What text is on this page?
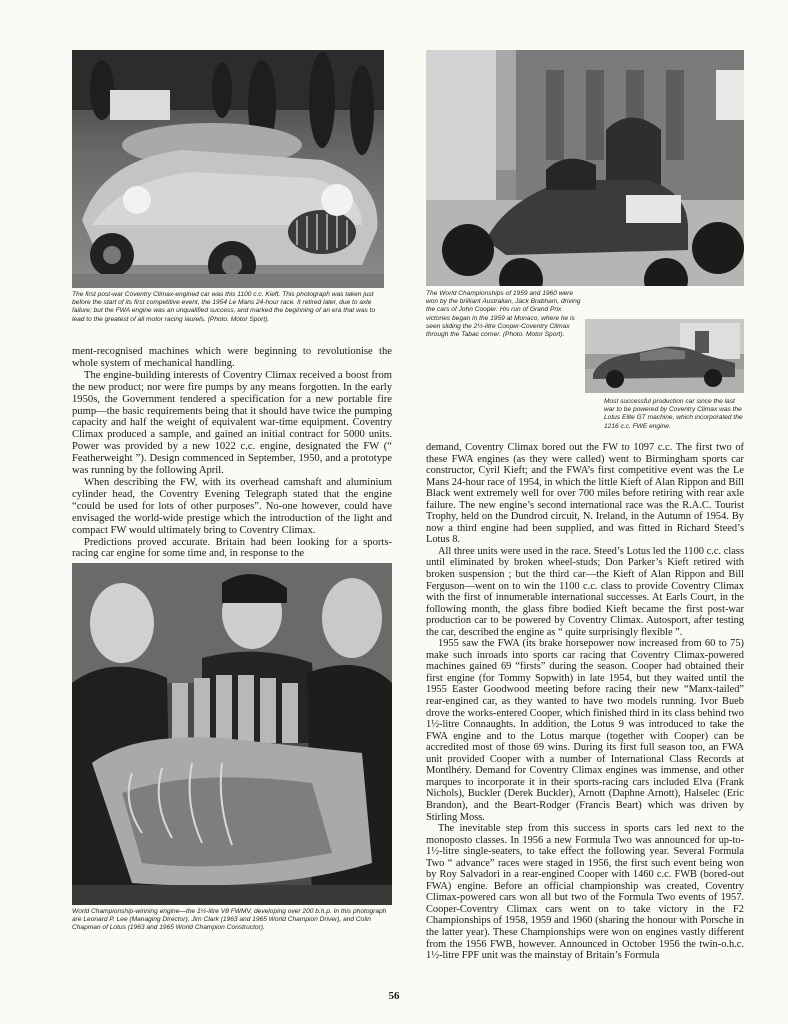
The first post-war Coventry Climax-engined car was this 1100 c.c. Kieft. This photograph was taken just before the start of its first competitive event, the 1954 Le Mans 24-hour race. It retired later, due to axle failure; but the FWA engine was an unqualified success, and marked the beginning of an era that was to lead to the greatest of all motor racing laurels. (Photo. Motor Sport).
The World Championships of 1959 and 1960 were won by the brilliant Australian, Jack Brabham, driving the cars of John Cooper. His run of Grand Prix victories began in the 1959 at Monaco, where he is seen sliding the 2½-litre Cooper-Coventry Climax through the Tabac corner. (Photo. Motor Sport).
Most successful production car since the last war to be powered by Coventry Climax was the Lotus Elite GT machine, which incorporated the 1216 c.c. FWE engine.
World Championship-winning engine—the 1½-litre V8 FWMV, developing over 200 b.h.p. In this photograph are Leonard P. Lee (Managing Director), Jim Clark (1963 and 1965 World Champion Driver), and Colin Chapman of Lotus (1963 and 1965 World Champion Constructor).

ment-recognised machines which were beginning to revolutionise the whole system of mechanical handling.

The engine-building interests of Coventry Climax received a boost from the new product; nor were fire pumps by any means forgotten. In the early 1950s, the Government tendered a specification for a new portable fire pump—the basic requirements being that it should have twice the pumping capacity and half the weight of equivalent war-time equipment. Coventry Climax produced a sample, and gained an initial contract for 5000 units. Power was provided by a new 1022 c.c. engine, designated the FW (“ Featherweight ”). Design commenced in September, 1950, and a prototype was running by the following April.

When describing the FW, with its overhead camshaft and aluminium cylinder head, the Coventry Evening Telegraph stated that the engine “could be used for lots of other purposes”. No-one however, could have envisaged the world-wide prestige which the introduction of the light and compact FW would ultimately bring to Coventry Climax.

Predictions proved accurate. Britain had been looking for a sports-racing car engine for some time and, in response to the

demand, Coventry Climax bored out the FW to 1097 c.c. The first two of these FWA engines (as they were called) went to Birmingham sports car constructor, Cyril Kieft; and the FWA’s first competitive event was the Le Mans 24-hour race of 1954, in which the little Kieft of Alan Rippon and Bill Black went extremely well for over 700 miles before retiring with rear axle failure. The new engine’s second international race was the R.A.C. Tourist Trophy, held on the Dundrod circuit, N. Ireland, in the Autumn of 1954. By now a third engine had been supplied, and was fitted in Richard Steed’s Lotus 8.

All three units were used in the race. Steed’s Lotus led the 1100 c.c. class until eliminated by broken wheel-studs; Don Parker’s Kieft retired with broken suspension ; but the third car—the Kieft of Alan Rippon and Bill Ferguson—went on to win the 1100 c.c. class to provide Coventry Climax with the first of innumerable international successes. At Earls Court, in the following month, the glass fibre bodied Kieft became the first post-war production car to be powered by Coventry Climax. Autosport, after testing the car, described the engine as “ quite surprisingly flexible ”.

1955 saw the FWA (its brake horsepower now increased from 60 to 75) make such inroads into sports car racing that Coventry Climax-powered machines gained 69 “firsts” during the season. Cooper had obtained their first engine (for Tommy Sopwith) in late 1954, but they waited until the 1955 Easter Goodwood meeting before racing their new “Manx-tailed” rear-engined car, as they wanted to have two models running. Ivor Bueb drove the works-entered Cooper, which finished third in its class behind two 1½-litre Connaughts. In addition, the Lotus 9 was introduced to take the FWA engine and to the Lotus marque (together with Cooper) can be accredited most of those 69 wins. During its first full season too, an FWA unit provided Cooper with a number of International Class Records at Montlhéry. Demand for Coventry Climax engines was immense, and other marques to incorporate it in their sports-racing cars included Elva (Frank Nichols), Buckler (Derek Buckler), Arnott (Daphne Arnott), Halselec (Eric Brandon), and the Beart-Rodger (Francis Beart) which was driven by Stirling Moss.

The inevitable step from this success in sports cars led next to the monoposto classes. In 1956 a new Formula Two was announced for up-to-1½-litre single-seaters, to take effect the following year. Several Formula Two “ advance” races were staged in 1956, the first such event being won by Roy Salvadori in a rear-engined Cooper with 1460 c.c. FWB (bored-out FWA) engine. Before an official championship was created, Coventry Climax-powered cars won all but two of the Formula Two events of 1957. Cooper-Coventry Climax cars went on to take victory in the F2 Championships of 1958, 1959 and 1960 (sharing the honour with Porsche in the latter year). These Championships were won on engines vastly different from the 1956 FWB, however. Announced in October 1956 the twin-o.h.c. 1½-litre FPF unit was the mainstay of Britain’s Formula

56
